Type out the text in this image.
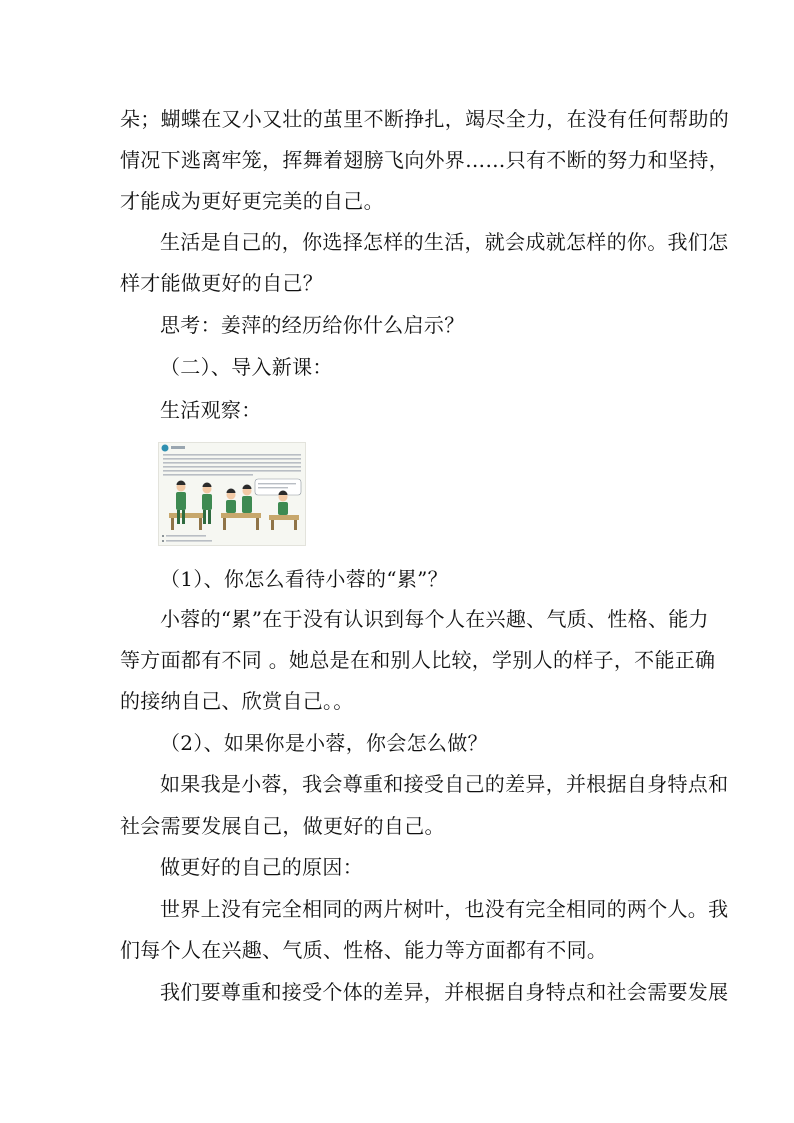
朵；蝴蝶在又小又壮的茧里不断挣扎，竭尽全力，在没有任何帮助的
情况下逃离牢笼，挥舞着翅膀飞向外界……只有不断的努力和坚持，
才能成为更好更完美的自己。
生活是自己的，你选择怎样的生活，就会成就怎样的你。我们怎
样才能做更好的自己？
思考：姜萍的经历给你什么启示？
（二）、导入新课：
生活观察：
（1）、你怎么看待小蓉的“累”？
小蓉的“累”在于没有认识到每个人在兴趣、气质、性格、能力
等方面都有不同 。她总是在和别人比较，学别人的样子，不能正确
的接纳自己、欣赏自己。。
（2）、如果你是小蓉，你会怎么做？
如果我是小蓉，我会尊重和接受自己的差异，并根据自身特点和
社会需要发展自己，做更好的自己。
做更好的自己的原因：
世界上没有完全相同的两片树叶，也没有完全相同的两个人。我
们每个人在兴趣、气质、性格、能力等方面都有不同。
我们要尊重和接受个体的差异，并根据自身特点和社会需要发展
